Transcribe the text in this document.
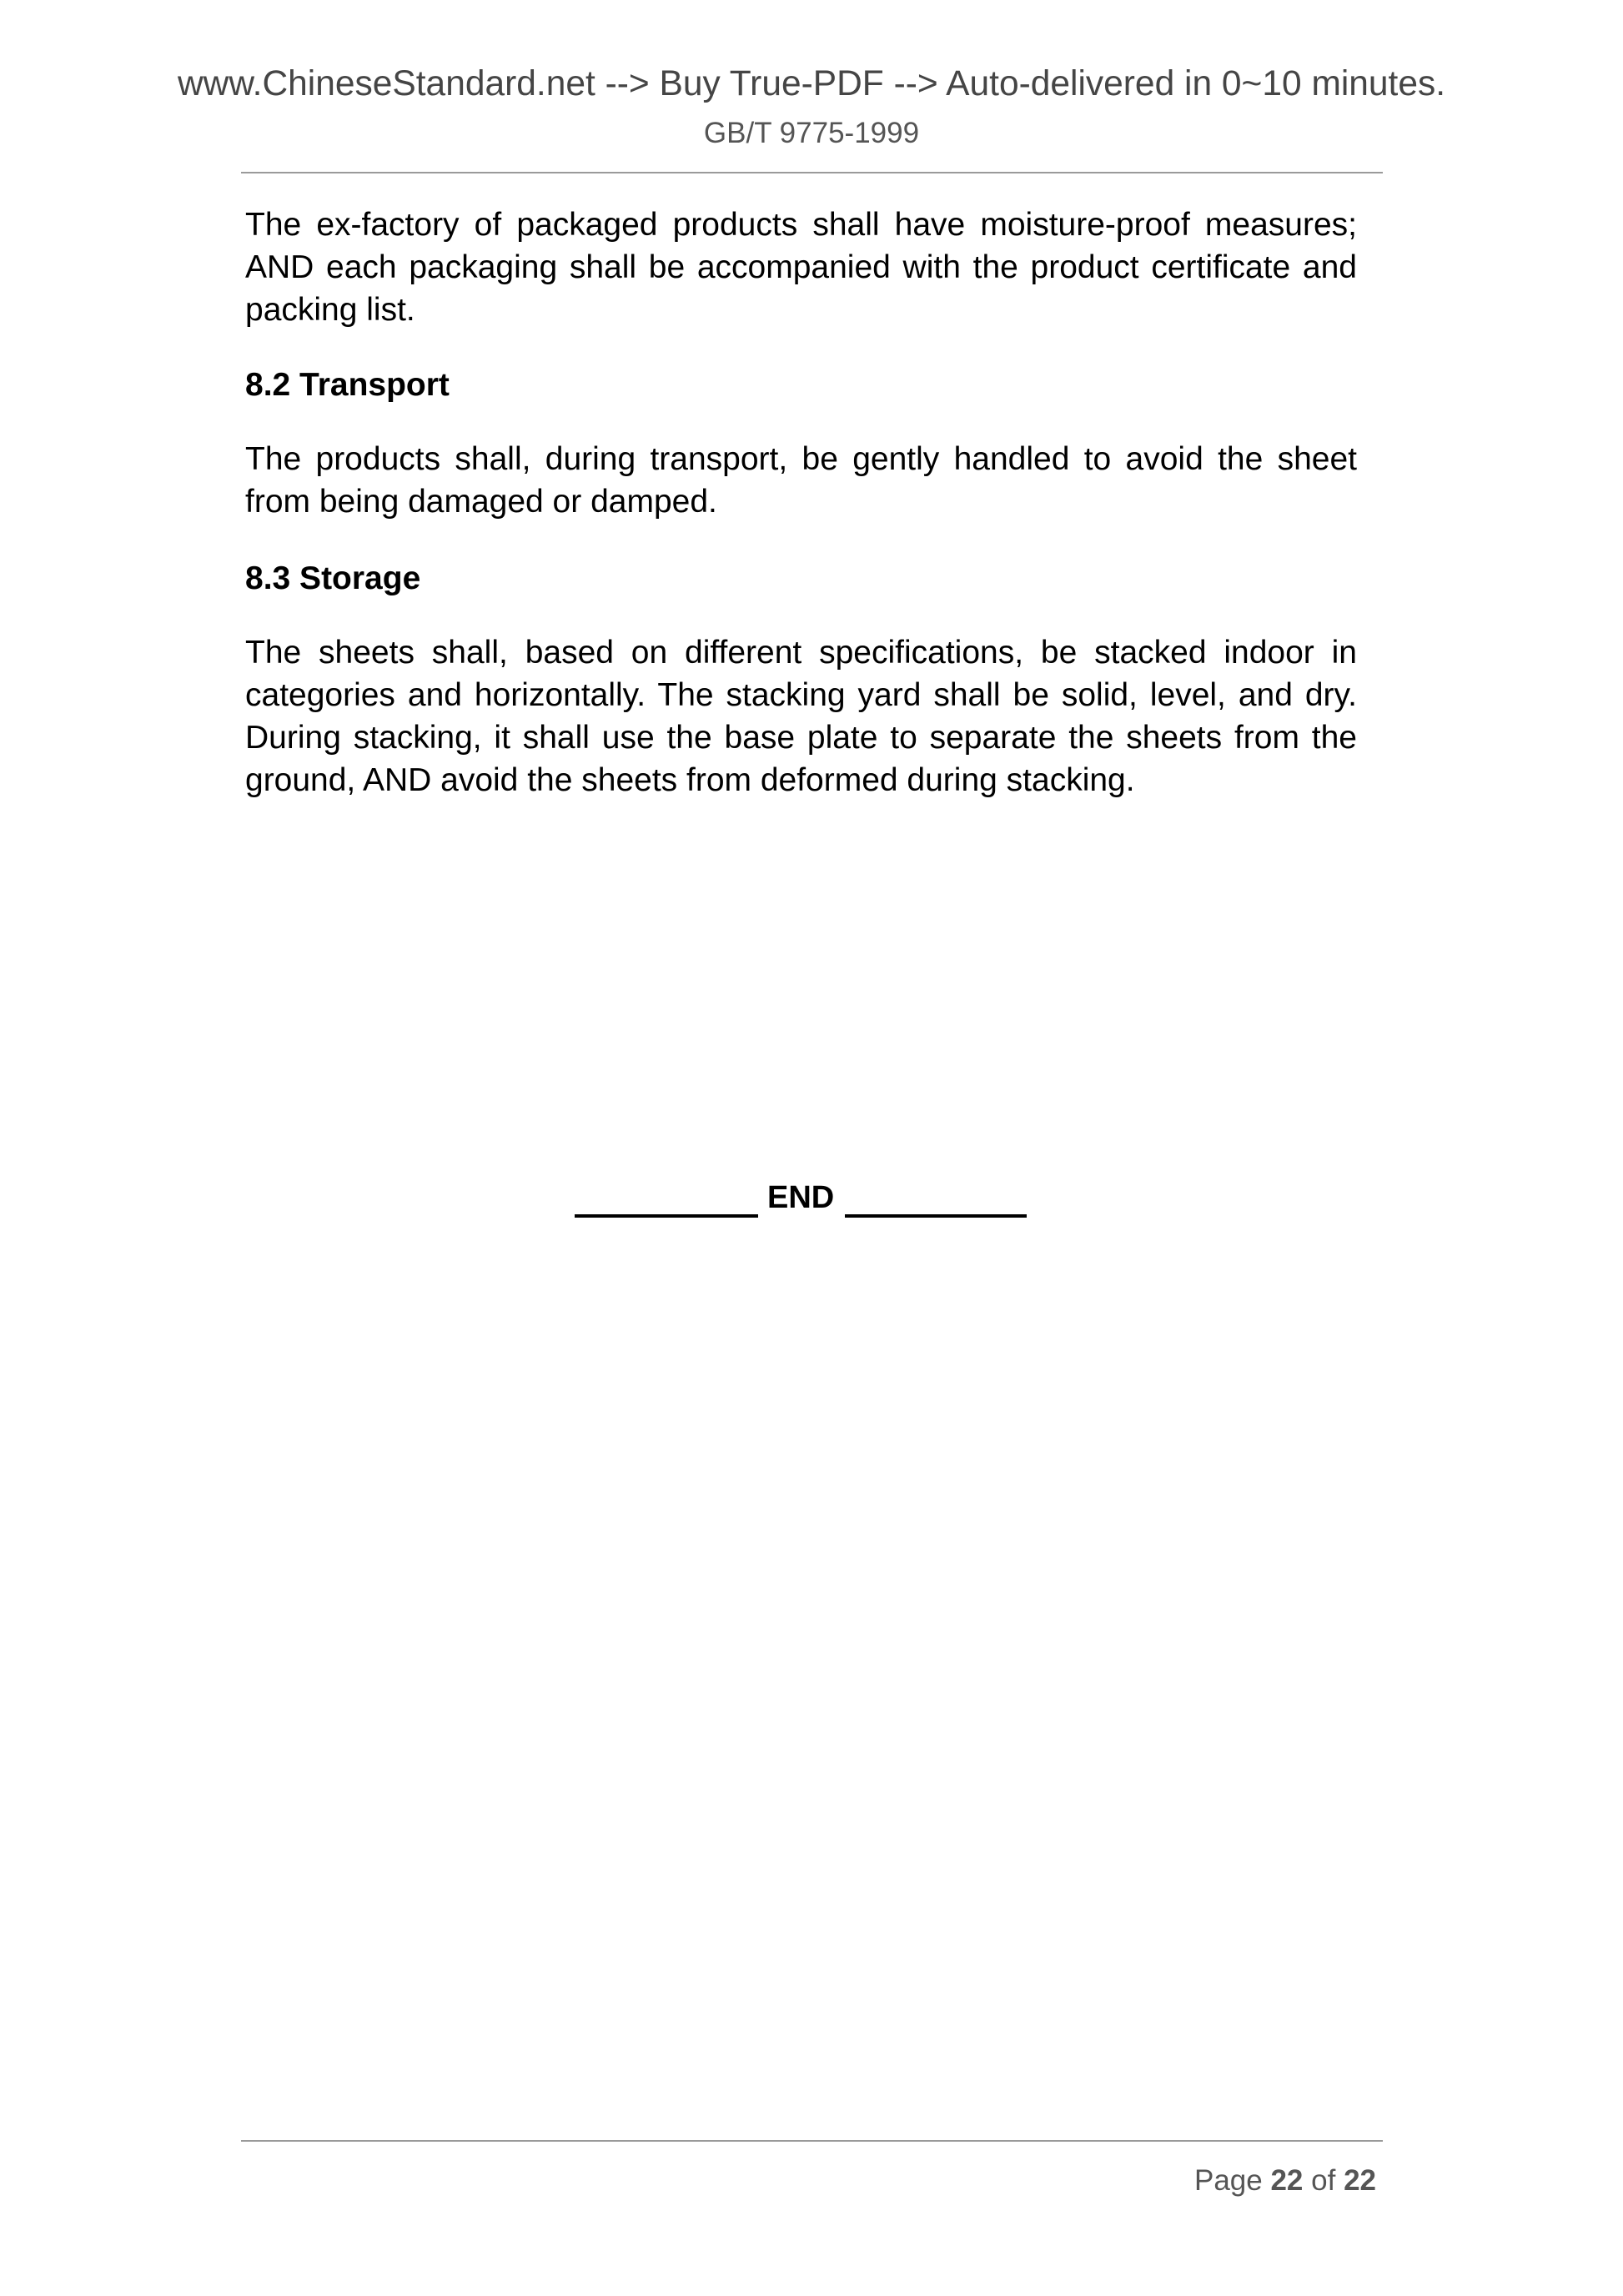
www.ChineseStandard.net --> Buy True-PDF --> Auto-delivered in 0~10 minutes.
GB/T 9775-1999
The ex-factory of packaged products shall have moisture-proof measures; AND each packaging shall be accompanied with the product certificate and packing list.
8.2 Transport
The products shall, during transport, be gently handled to avoid the sheet from being damaged or damped.
8.3 Storage
The sheets shall, based on different specifications, be stacked indoor in categories and horizontally. The stacking yard shall be solid, level, and dry. During stacking, it shall use the base plate to separate the sheets from the ground, AND avoid the sheets from deformed during stacking.
END
Page 22 of 22
